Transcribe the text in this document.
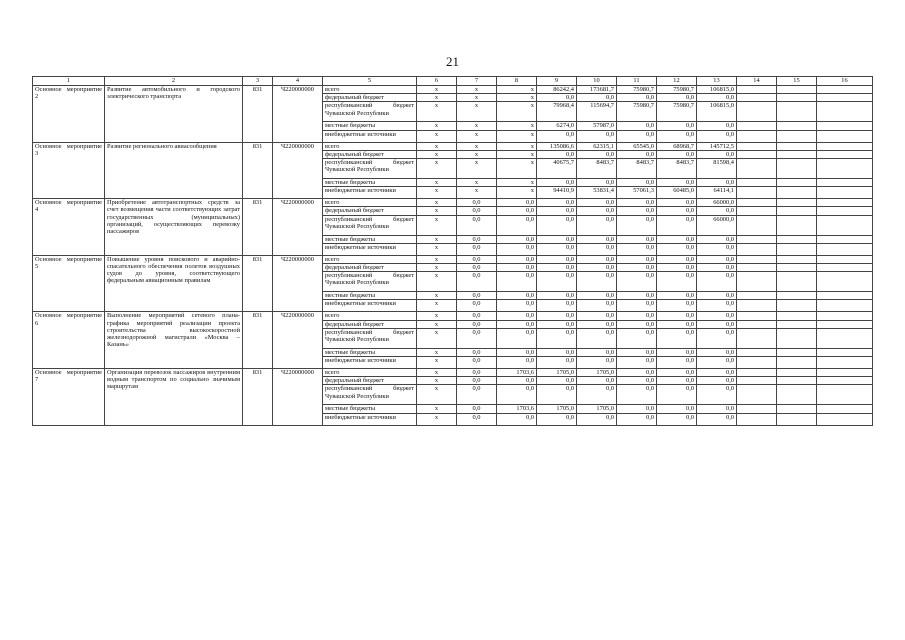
21
1	2	3	4	5	6	7	8	9	10	11	12	13	14	15	16
Основное мероприятие 2	Развитие автомобильного и городского электрического транспорта	831	Ч220000000	всего	x	x	x	86242,4	173681,7	75980,7	75980,7	106815,0			
				федеральный бюджет	x	x	x	0,0	0,0	0,0	0,0	0,0			
				республиканский бюджет Чувашской Республики	x	x	x	79968,4	115694,7	75980,7	75980,7	106815,0			
				местные бюджеты	x	x	x	6274,0	57987,0	0,0	0,0	0,0			
				внебюджетные источники	x	x	x	0,0	0,0	0,0	0,0	0,0			
Основное мероприятие 3	Развитие регионального авиасообщения	831	Ч220000000	всего	x	x	x	135086,6	62315,1	65545,0	68968,7	145712,5			
				федеральный бюджет	x	x	x	0,0	0,0	0,0	0,0	0,0			
				республиканский бюджет Чувашской Республики	x	x	x	40675,7	8483,7	8483,7	8483,7	81598,4			
				местные бюджеты	x	x	x	0,0	0,0	0,0	0,0	0,0			
				внебюджетные источники	x	x	x	94410,9	53831,4	57061,3	60485,0	64114,1			
Основное мероприятие 4	Приобретение автотранспортных средств за счет возмещения части соответствующих затрат государственных (муниципальных) организаций, осуществляющих перевозку пассажиров	831	Ч220000000	всего	x	0,0	0,0	0,0	0,0	0,0	0,0	66000,0			
				федеральный бюджет	x	0,0	0,0	0,0	0,0	0,0	0,0	0,0			
				республиканский бюджет Чувашской Республики	x	0,0	0,0	0,0	0,0	0,0	0,0	66000,0			
				местные бюджеты	x	0,0	0,0	0,0	0,0	0,0	0,0	0,0			
				внебюджетные источники	x	0,0	0,0	0,0	0,0	0,0	0,0	0,0			
Основное мероприятие 5	Повышение уровня поискового и аварийно-спасательного обеспечения полетов воздушных судов до уровня, соответствующего федеральным авиационным правилам	831	Ч220000000	всего	x	0,0	0,0	0,0	0,0	0,0	0,0	0,0			
				федеральный бюджет	x	0,0	0,0	0,0	0,0	0,0	0,0	0,0			
				республиканский бюджет Чувашской Республики	x	0,0	0,0	0,0	0,0	0,0	0,0	0,0			
				местные бюджеты	x	0,0	0,0	0,0	0,0	0,0	0,0	0,0			
				внебюджетные источники	x	0,0	0,0	0,0	0,0	0,0	0,0	0,0			
Основное мероприятие 6	Выполнение мероприятий сетевого плана-графика мероприятий реализации проекта строительства высокоскоростной железнодорожной магистрали «Москва – Казань»	831	Ч220000000	всего	x	0,0	0,0	0,0	0,0	0,0	0,0	0,0			
				федеральный бюджет	x	0,0	0,0	0,0	0,0	0,0	0,0	0,0			
				республиканский бюджет Чувашской Республики	x	0,0	0,0	0,0	0,0	0,0	0,0	0,0			
				местные бюджеты	x	0,0	0,0	0,0	0,0	0,0	0,0	0,0			
				внебюджетные источники	x	0,0	0,0	0,0	0,0	0,0	0,0	0,0			
Основное мероприятие 7	Организация перевозок пассажиров внутренним водным транспортом по социально значимым маршрутам	831	Ч220000000	всего	x	0,0	1703,6	1705,0	1705,0	0,0	0,0	0,0			
				федеральный бюджет	x	0,0	0,0	0,0	0,0	0,0	0,0	0,0			
				республиканский бюджет Чувашской Республики	x	0,0	0,0	0,0	0,0	0,0	0,0	0,0			
				местные бюджеты	x	0,0	1703,6	1705,0	1705,0	0,0	0,0	0,0			
				внебюджетные источники	x	0,0	0,0	0,0	0,0	0,0	0,0	0,0			
